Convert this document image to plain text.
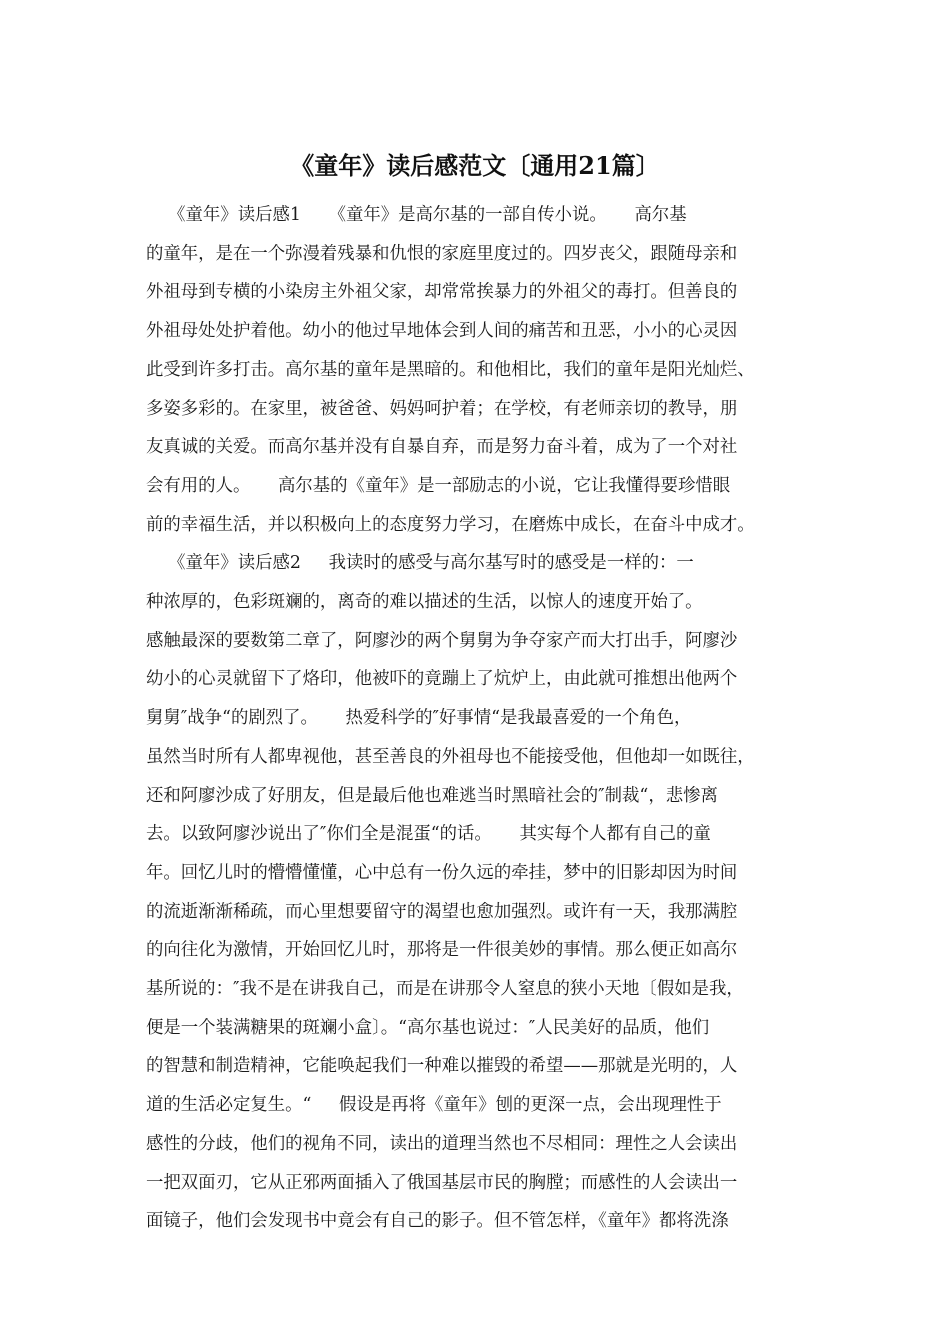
《童年》读后感范文〔通用21篇〕
《童年》读后感1     《童年》是高尔基的一部自传小说。     高尔基
的童年，是在一个弥漫着残暴和仇恨的家庭里度过的。四岁丧父，跟随母亲和
外祖母到专横的小染房主外祖父家，却常常挨暴力的外祖父的毒打。但善良的
外祖母处处护着他。幼小的他过早地体会到人间的痛苦和丑恶，小小的心灵因
此受到许多打击。高尔基的童年是黑暗的。和他相比，我们的童年是阳光灿烂、
多姿多彩的。在家里，被爸爸、妈妈呵护着；在学校，有老师亲切的教导，朋
友真诚的关爱。而高尔基并没有自暴自弃，而是努力奋斗着，成为了一个对社
会有用的人。     高尔基的《童年》是一部励志的小说，它让我懂得要珍惜眼
前的幸福生活，并以积极向上的态度努力学习，在磨炼中成长，在奋斗中成才。
《童年》读后感2     我读时的感受与高尔基写时的感受是一样的：一
种浓厚的，色彩斑斓的，离奇的难以描述的生活，以惊人的速度开始了。
感触最深的要数第二章了，阿廖沙的两个舅舅为争夺家产而大打出手，阿廖沙
幼小的心灵就留下了烙印，他被吓的竟蹦上了炕炉上，由此就可推想出他两个
舅舅″战争“的剧烈了。     热爱科学的″好事情“是我最喜爱的一个角色，
虽然当时所有人都卑视他，甚至善良的外祖母也不能接受他，但他却一如既往，
还和阿廖沙成了好朋友，但是最后他也难逃当时黑暗社会的″制裁“，悲惨离
去。以致阿廖沙说出了″你们全是混蛋“的话。     其实每个人都有自己的童
年。回忆儿时的懵懵懂懂，心中总有一份久远的牵挂，梦中的旧影却因为时间
的流逝渐渐稀疏，而心里想要留守的渴望也愈加强烈。或许有一天，我那满腔
的向往化为激情，开始回忆儿时，那将是一件很美妙的事情。那么便正如高尔
基所说的：″我不是在讲我自己，而是在讲那令人窒息的狭小天地〔假如是我，
便是一个装满糖果的斑斓小盒〕。“高尔基也说过：″人民美好的品质，他们
的智慧和制造精神，它能唤起我们一种难以摧毁的希望——那就是光明的，人
道的生活必定复生。“     假设是再将《童年》刨的更深一点，会出现理性于
感性的分歧，他们的视角不同，读出的道理当然也不尽相同：理性之人会读出
一把双面刃，它从正邪两面插入了俄国基层市民的胸膛；而感性的人会读出一
面镜子，他们会发现书中竟会有自己的影子。但不管怎样，《童年》都将洗涤
